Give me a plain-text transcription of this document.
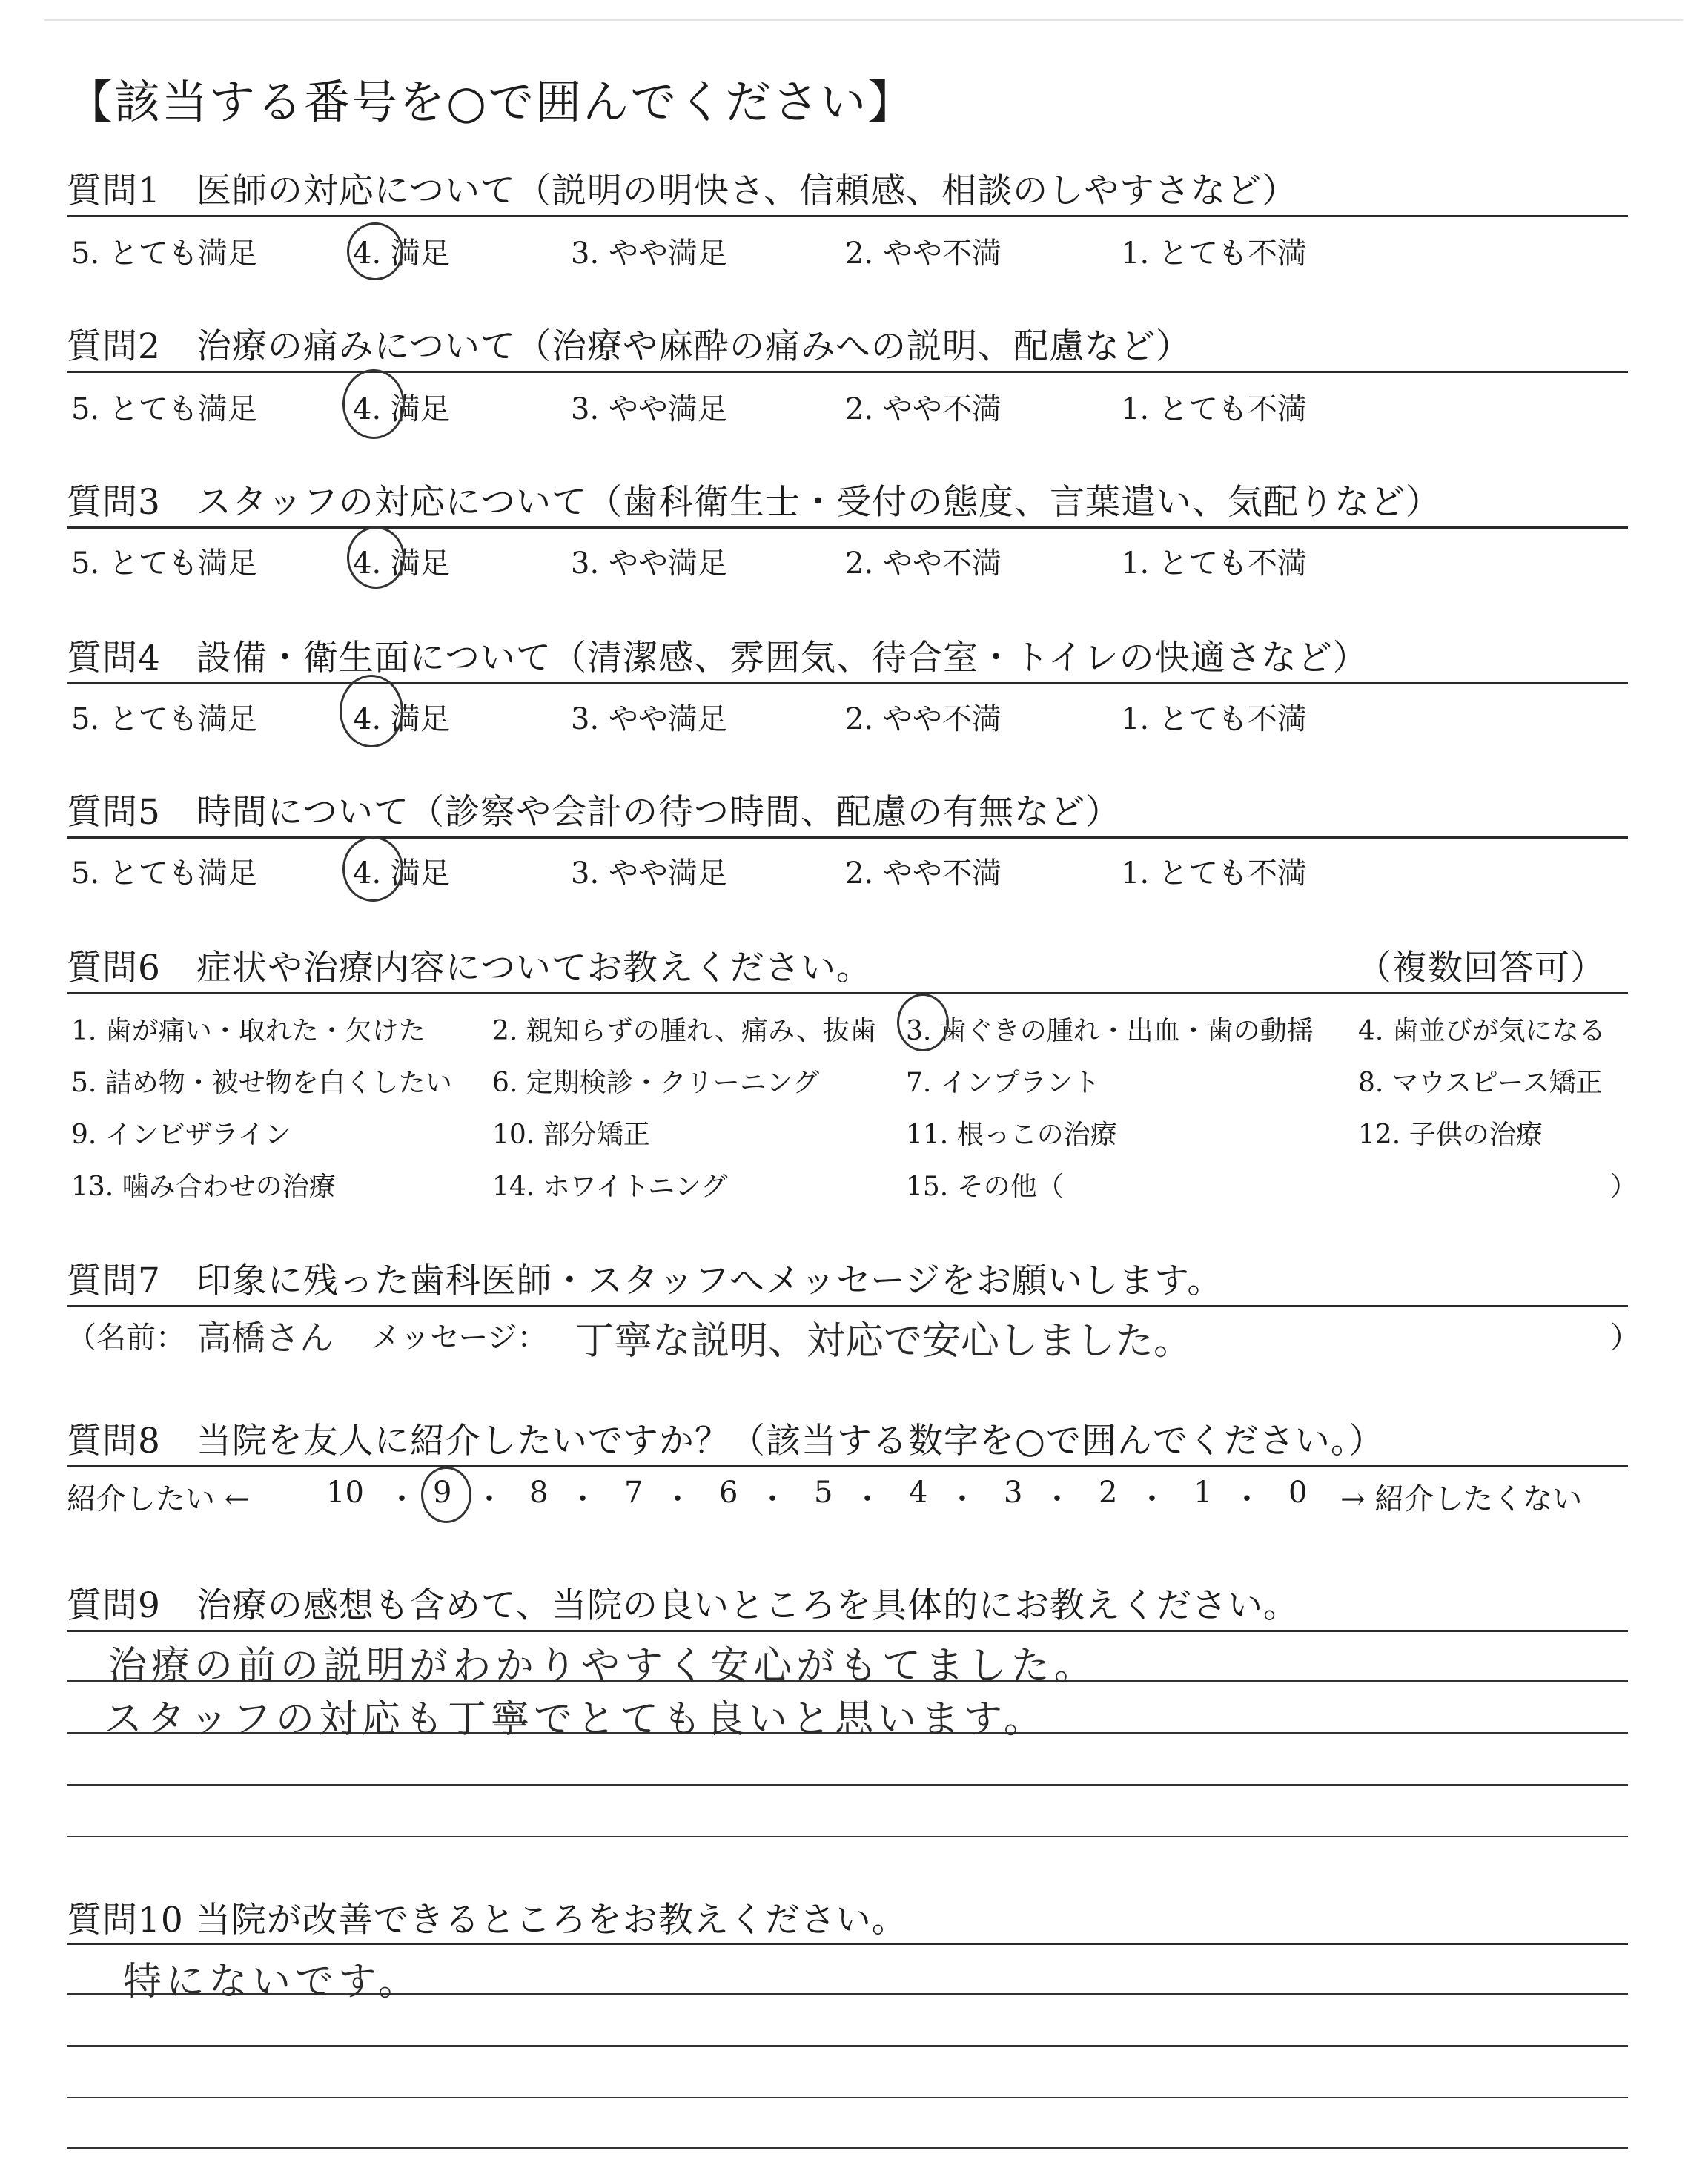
【該当する番号を○で囲んでください】
質問1　医師の対応について（説明の明快さ、信頼感、相談のしやすさなど）
5. とても満足	4. 満足	3. やや満足	2. やや不満	1. とても不満
質問2　治療の痛みについて（治療や麻酔の痛みへの説明、配慮など）
5. とても満足	4. 満足	3. やや満足	2. やや不満	1. とても不満
質問3　スタッフの対応について（歯科衛生士・受付の態度、言葉遣い、気配りなど）
5. とても満足	4. 満足	3. やや満足	2. やや不満	1. とても不満
質問4　設備・衛生面について（清潔感、雰囲気、待合室・トイレの快適さなど）
5. とても満足	4. 満足	3. やや満足	2. やや不満	1. とても不満
質問5　時間について（診察や会計の待つ時間、配慮の有無など）
5. とても満足	4. 満足	3. やや満足	2. やや不満	1. とても不満
質問6　症状や治療内容についてお教えください。	（複数回答可）
1. 歯が痛い・取れた・欠けた	2. 親知らずの腫れ、痛み、抜歯 3. 歯ぐきの腫れ・出血・歯の動揺 4. 歯並びが気になる
5. 詰め物・被せ物を白くしたい 6. 定期検診・クリーニング	7. インプラント	8. マウスピース矯正
9. インビザライン	10. 部分矯正	11. 根っこの治療	12. 子供の治療
13. 噛み合わせの治療	14. ホワイトニング	15. その他（	）
質問7　印象に残った歯科医師・スタッフへメッセージをお願いします。
（名前： 高橋さん メッセージ： 丁寧な説明、対応で安心しました。	）
質問8　当院を友人に紹介したいですか？（該当する数字を○で囲んでください。）
紹介したい ←	10 ・ 9 ・ 8 ・ 7 ・ 6 ・ 5 ・ 4 ・ 3 ・ 2 ・ 1 ・ 0 → 紹介したくない
質問9　治療の感想も含めて、当院の良いところを具体的にお教えください。
治療の前の説明がわかりやすく安心がもてました。
スタッフの対応も丁寧でとても良いと思います。
質問10 当院が改善できるところをお教えください。
特にないです。
